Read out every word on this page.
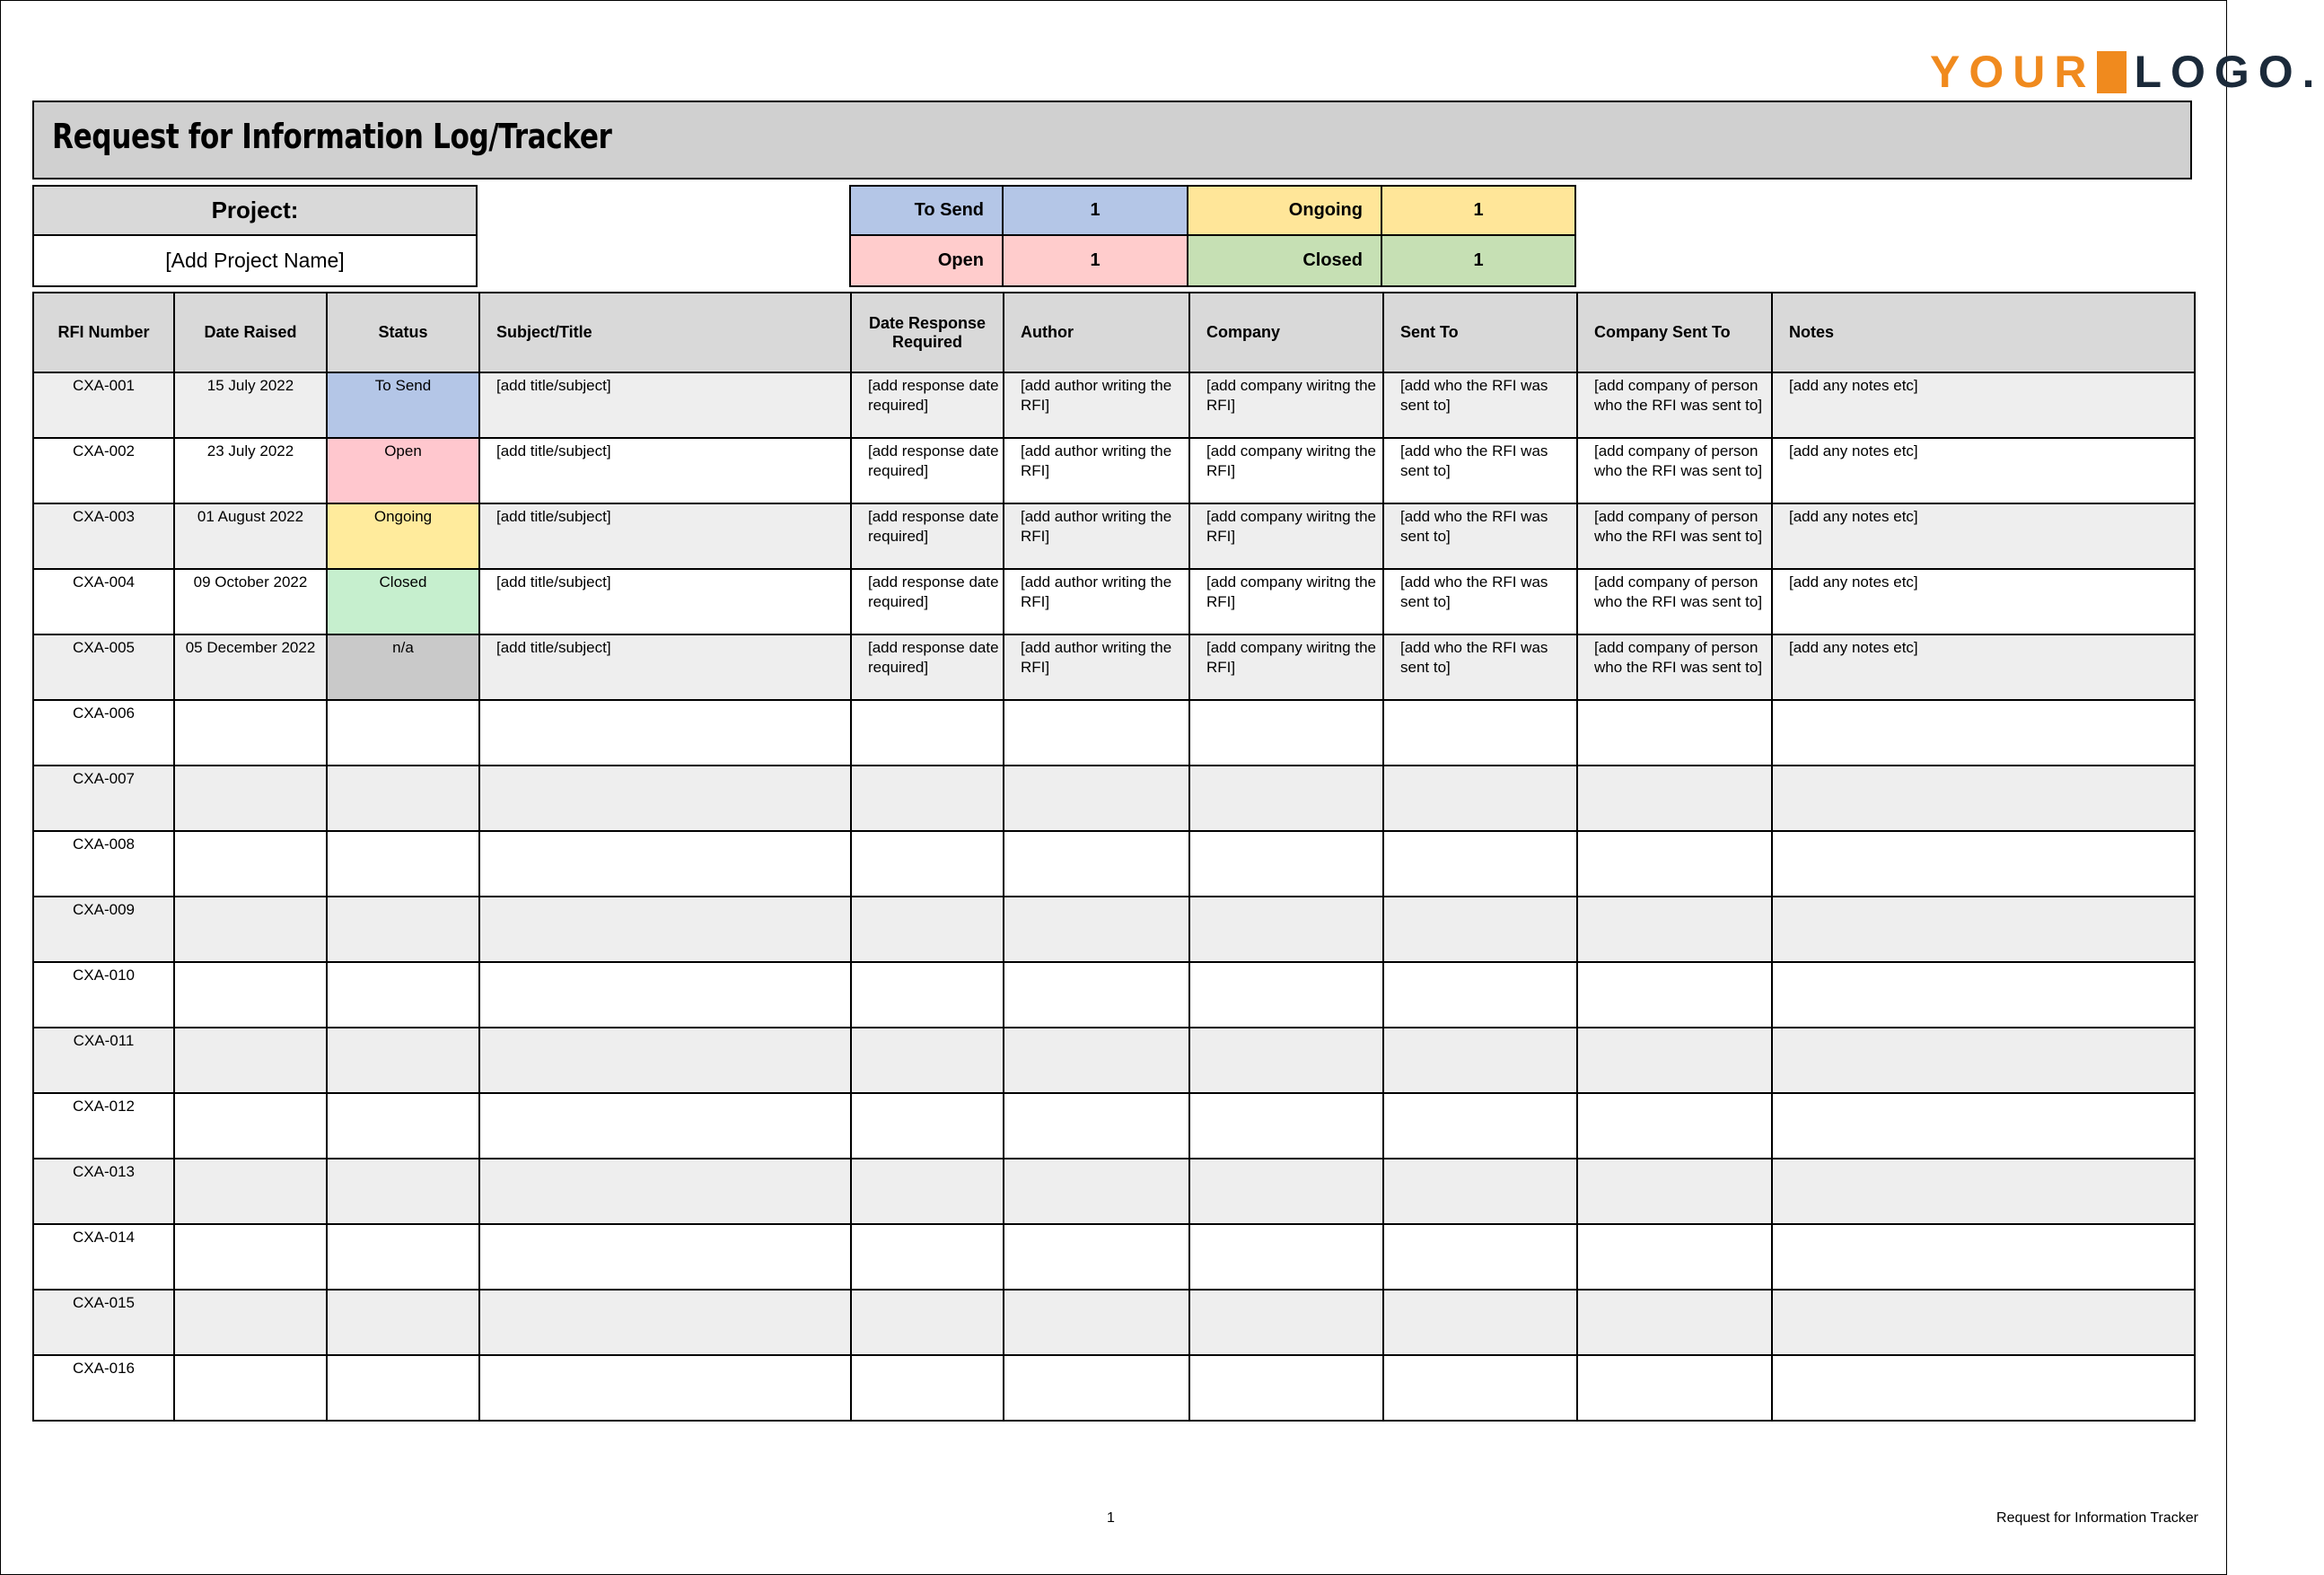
YOUR LOGO.
Request for Information Log/Tracker
Project:
[Add Project Name]
To Send	1	Ongoing	1
Open	1	Closed	1
RFI Number	Date Raised	Status	Subject/Title	Date Response Required	Author	Company	Sent To	Company Sent To	Notes
CXA-001	15 July 2022	To Send	[add title/subject]	[add response date required]	[add author writing the RFI]	[add company wiritng the RFI]	[add who the RFI was sent to]	[add company of person who the RFI was sent to]	[add any notes etc]
CXA-002	23 July 2022	Open	[add title/subject]	[add response date required]	[add author writing the RFI]	[add company wiritng the RFI]	[add who the RFI was sent to]	[add company of person who the RFI was sent to]	[add any notes etc]
CXA-003	01 August 2022	Ongoing	[add title/subject]	[add response date required]	[add author writing the RFI]	[add company wiritng the RFI]	[add who the RFI was sent to]	[add company of person who the RFI was sent to]	[add any notes etc]
CXA-004	09 October 2022	Closed	[add title/subject]	[add response date required]	[add author writing the RFI]	[add company wiritng the RFI]	[add who the RFI was sent to]	[add company of person who the RFI was sent to]	[add any notes etc]
CXA-005	05 December 2022	n/a	[add title/subject]	[add response date required]	[add author writing the RFI]	[add company wiritng the RFI]	[add who the RFI was sent to]	[add company of person who the RFI was sent to]	[add any notes etc]
CXA-006									
CXA-007									
CXA-008									
CXA-009									
CXA-010									
CXA-011									
CXA-012									
CXA-013									
CXA-014									
CXA-015									
CXA-016									
1	Request for Information Tracker
